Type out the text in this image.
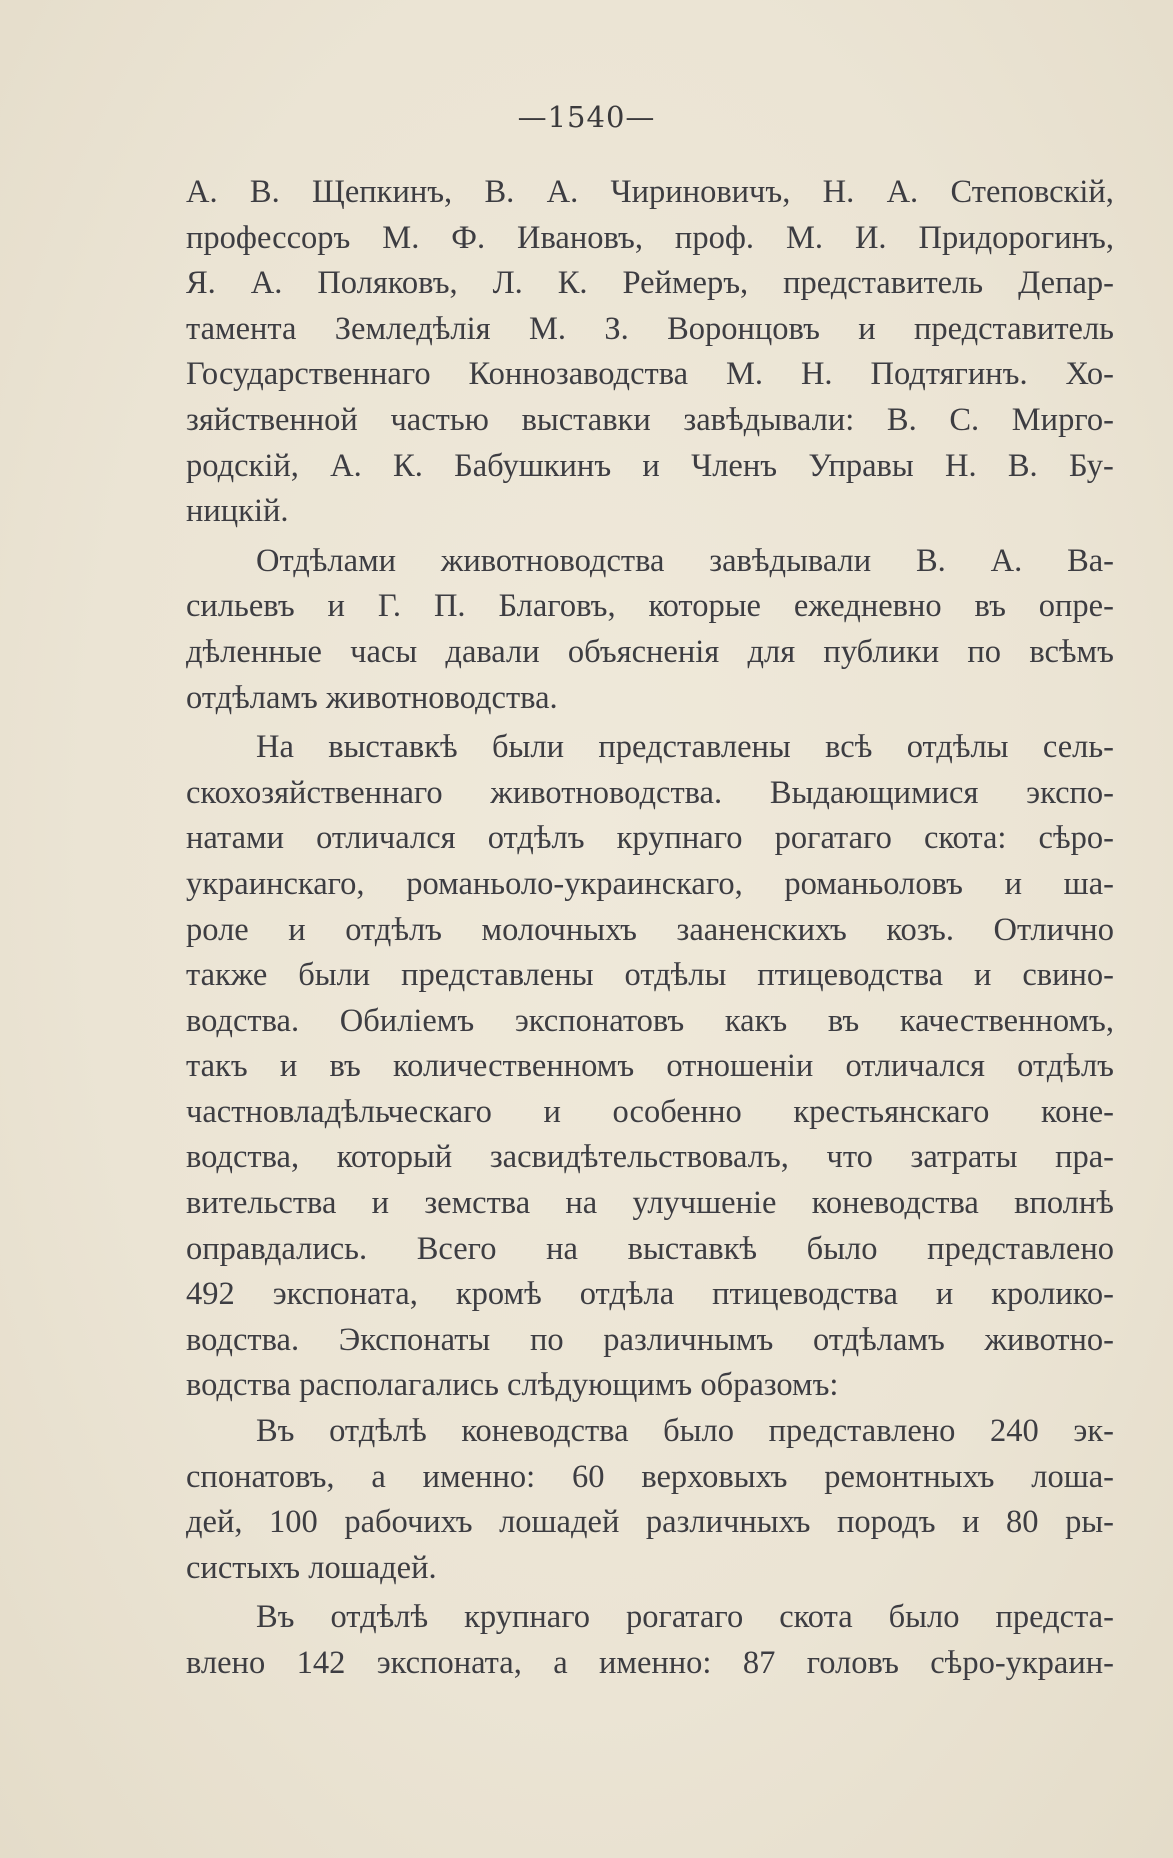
—1540—
А. В. Щепкинъ, В. А. Чириновичъ, Н. А. Степовскій,
профессоръ М. Ф. Ивановъ, проф. М. И. Придорогинъ,
Я. А. Поляковъ, Л. К. Реймеръ, представитель Депар-
тамента Земледѣлія М. З. Воронцовъ и представитель
Государственнаго Коннозаводства М. Н. Подтягинъ. Хо-
зяйственной частью выставки завѣдывали: В. С. Мирго-
родскій, А. К. Бабушкинъ и Членъ Управы Н. В. Бу-
ницкій.
Отдѣлами животноводства завѣдывали В. А. Ва-
сильевъ и Г. П. Благовъ, которые ежедневно въ опре-
дѣленные часы давали объясненія для публики по всѣмъ
отдѣламъ животноводства.
На выставкѣ были представлены всѣ отдѣлы сель-
скохозяйственнаго животноводства. Выдающимися экспо-
натами отличался отдѣлъ крупнаго рогатаго скота: сѣро-
украинскаго, романьоло-украинскаго, романьоловъ и ша-
роле и отдѣлъ молочныхъ зааненскихъ козъ. Отлично
также были представлены отдѣлы птицеводства и свино-
водства. Обиліемъ экспонатовъ какъ въ качественномъ,
такъ и въ количественномъ отношеніи отличался отдѣлъ
частновладѣльческаго и особенно крестьянскаго коне-
водства, который засвидѣтельствовалъ, что затраты пра-
вительства и земства на улучшеніе коневодства вполнѣ
оправдались. Всего на выставкѣ было представлено
492 экспоната, кромѣ отдѣла птицеводства и кролико-
водства. Экспонаты по различнымъ отдѣламъ животно-
водства располагались слѣдующимъ образомъ:
Въ отдѣлѣ коневодства было представлено 240 эк-
спонатовъ, а именно: 60 верховыхъ ремонтныхъ лоша-
дей, 100 рабочихъ лошадей различныхъ породъ и 80 ры-
систыхъ лошадей.
Въ отдѣлѣ крупнаго рогатаго скота было предста-
влено 142 экспоната, а именно: 87 головъ сѣро-украин-
